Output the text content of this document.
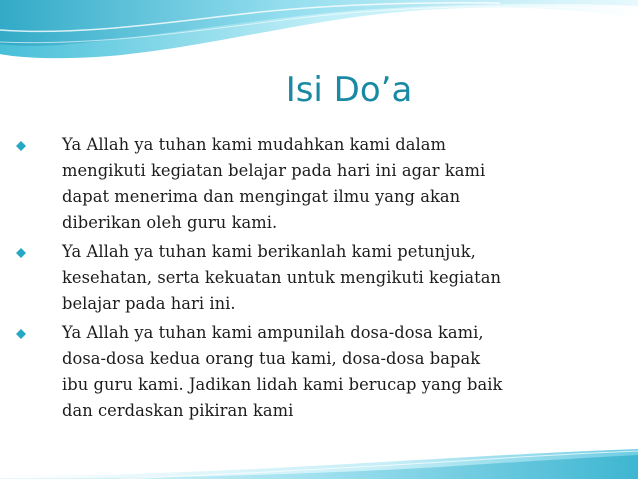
Isi Do’a
Ya Allah ya tuhan kami mudahkan kami dalam
mengikuti kegiatan belajar pada hari ini agar kami
dapat menerima dan mengingat ilmu yang akan
diberikan oleh guru kami.
Ya Allah ya tuhan kami berikanlah kami petunjuk,
kesehatan, serta kekuatan untuk mengikuti kegiatan
belajar pada hari ini.
Ya Allah ya tuhan kami ampunilah dosa-dosa kami,
dosa-dosa kedua orang tua kami, dosa-dosa bapak
ibu guru kami. Jadikan lidah kami berucap yang baik
dan cerdaskan pikiran kami
